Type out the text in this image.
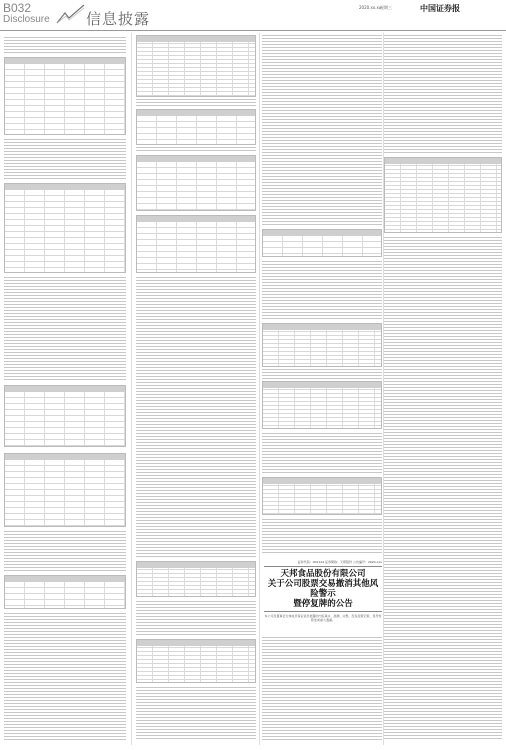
B032
Disclosure 信息披露
2020.xx.xx
星期三	中国证券报
证券代码：002124 证券简称：天邦股份 公告编号：2020-xxx
天邦食品股份有限公司
关于公司股票交易撤消其他风险警示
暨停复牌的公告
本公司及董事会全体成员保证信息披露的内容真实、准确、完整，没有虚假记载、误导性陈述或重大遗漏。
